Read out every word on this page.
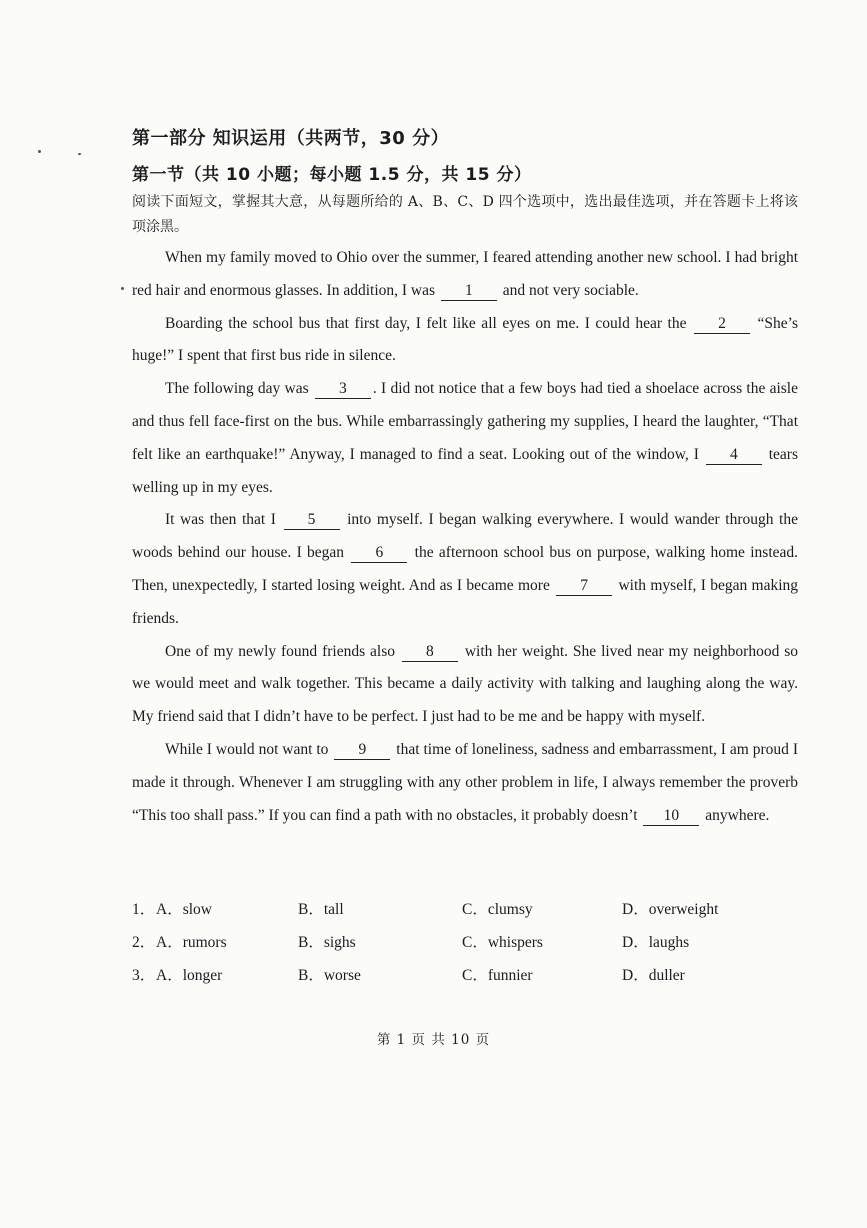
第一部分 知识运用（共两节，30 分）
第一节（共 10 小题；每小题 1.5 分，共 15 分）
阅读下面短文，掌握其大意，从每题所给的 A、B、C、D 四个选项中，选出最佳选项，并在答题卡上将该项涂黑。

When my family moved to Ohio over the summer, I feared attending another new school. I had bright red hair and enormous glasses. In addition, I was 1 and not very sociable.

Boarding the school bus that first day, I felt like all eyes on me. I could hear the 2 “She’s huge!” I spent that first bus ride in silence.

The following day was 3 . I did not notice that a few boys had tied a shoelace across the aisle and thus fell face-first on the bus. While embarrassingly gathering my supplies, I heard the laughter, “That felt like an earthquake!” Anyway, I managed to find a seat. Looking out of the window, I 4 tears welling up in my eyes.

It was then that I 5 into myself. I began walking everywhere. I would wander through the woods behind our house. I began 6 the afternoon school bus on purpose, walking home instead. Then, unexpectedly, I started losing weight. And as I became more 7 with myself, I began making friends.

One of my newly found friends also 8 with her weight. She lived near my neighborhood so we would meet and walk together. This became a daily activity with talking and laughing along the way. My friend said that I didn’t have to be perfect. I just had to be me and be happy with myself.

While I would not want to 9 that time of loneliness, sadness and embarrassment, I am proud I made it through. Whenever I am struggling with any other problem in life, I always remember the proverb “This too shall pass.” If you can find a path with no obstacles, it probably doesn’t 10 anywhere.

1． A．slow	B．tall	C．clumsy	D．overweight
2． A．rumors	B．sighs	C．whispers	D．laughs
3． A．longer	B．worse	C．funnier	D．duller
第 1 页 共 10 页
